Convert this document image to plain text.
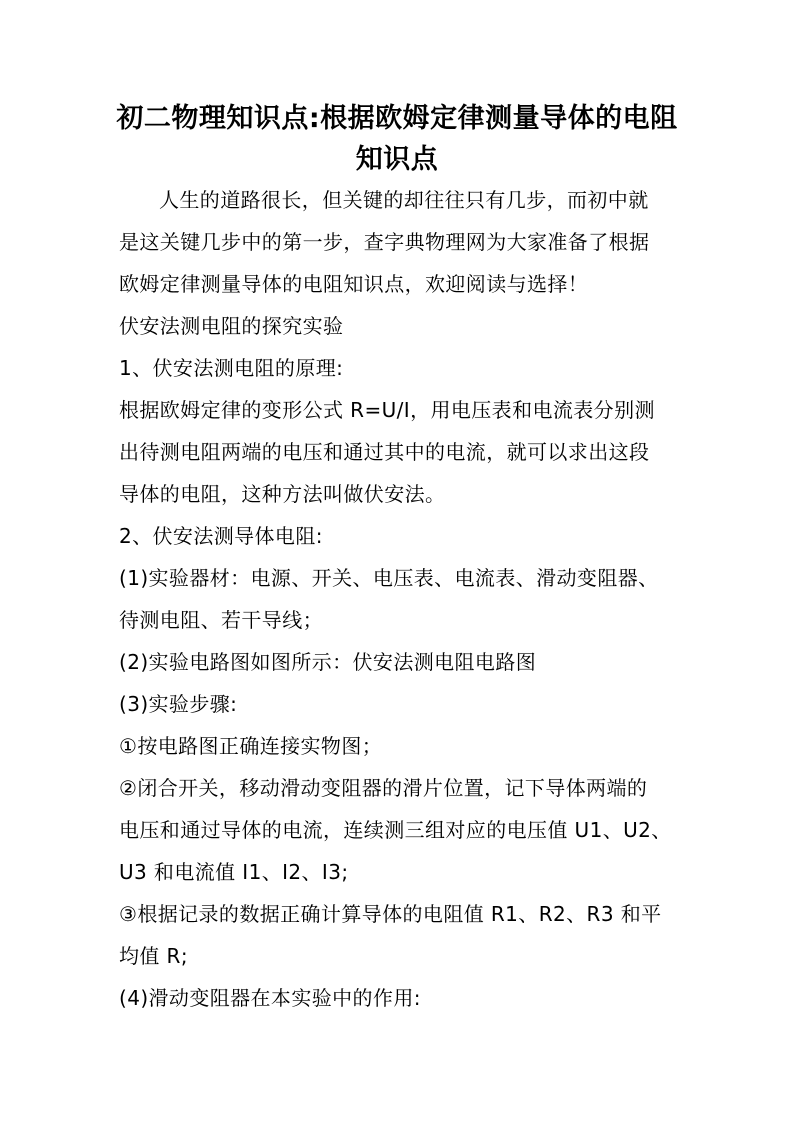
初二物理知识点:根据欧姆定律测量导体的电阻
知识点
人生的道路很长，但关键的却往往只有几步，而初中就
是这关键几步中的第一步，查字典物理网为大家准备了根据
欧姆定律测量导体的电阻知识点，欢迎阅读与选择！
伏安法测电阻的探究实验
1、伏安法测电阻的原理:
根据欧姆定律的变形公式 R=U/I，用电压表和电流表分别测
出待测电阻两端的电压和通过其中的电流，就可以求出这段
导体的电阻，这种方法叫做伏安法。
2、伏安法测导体电阻:
(1)实验器材：电源、开关、电压表、电流表、滑动变阻器、
待测电阻、若干导线；
(2)实验电路图如图所示：伏安法测电阻电路图
(3)实验步骤:
①按电路图正确连接实物图；
②闭合开关，移动滑动变阻器的滑片位置，记下导体两端的
电压和通过导体的电流，连续测三组对应的电压值 U1、U2、
U3 和电流值 I1、I2、I3;
③根据记录的数据正确计算导体的电阻值 R1、R2、R3 和平
均值 R;
(4)滑动变阻器在本实验中的作用:
